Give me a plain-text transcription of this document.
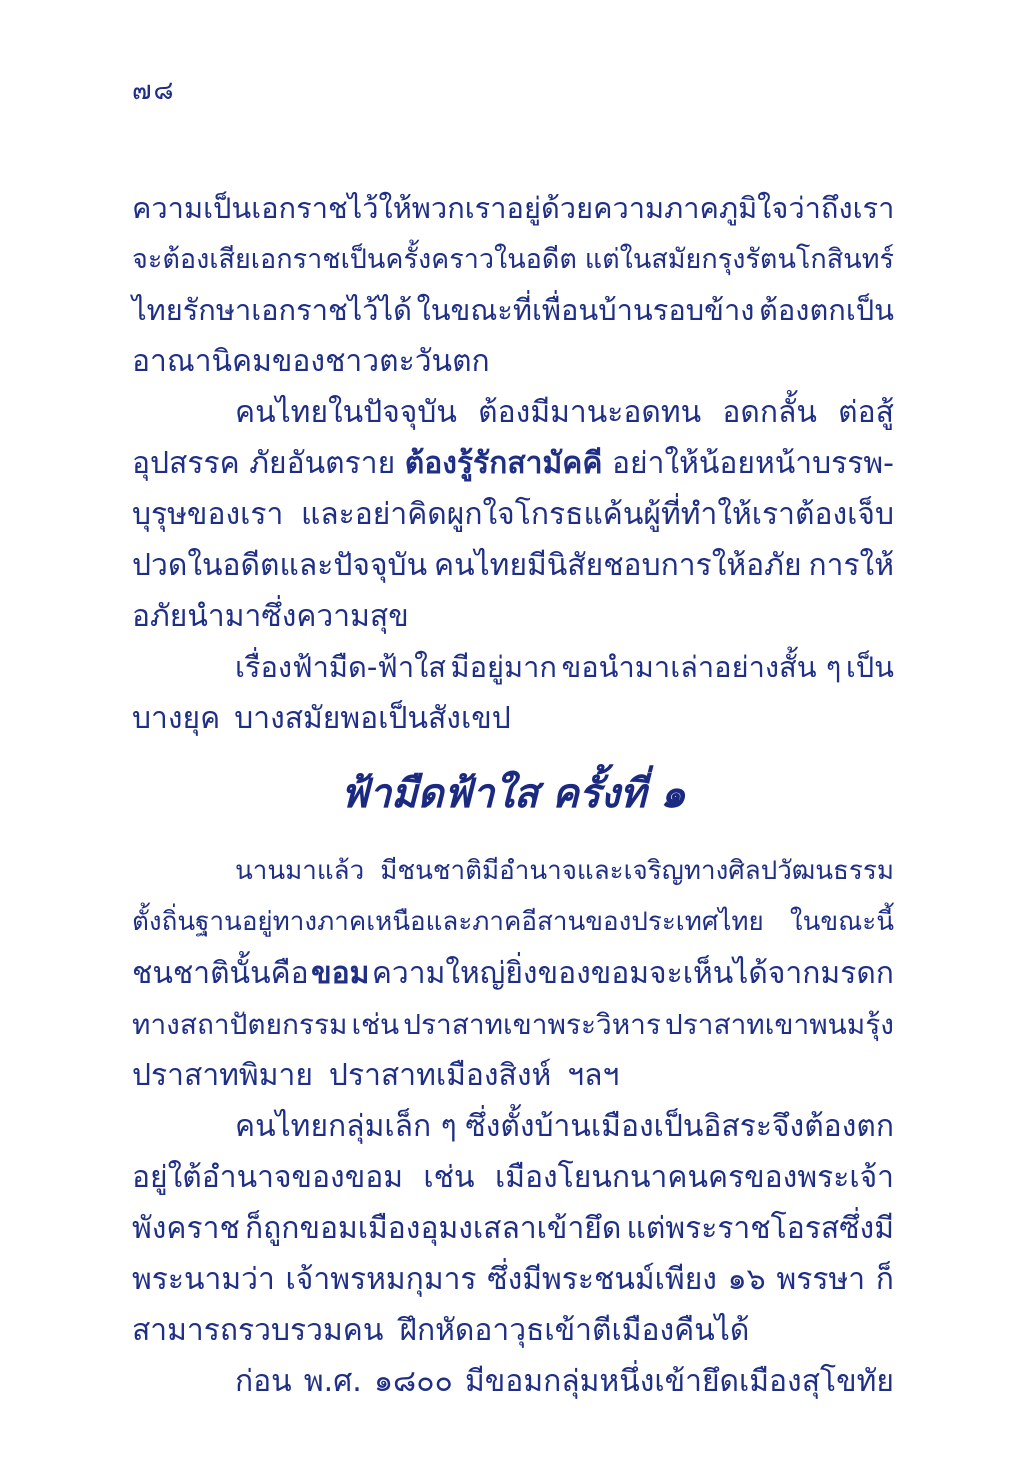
๗๘
ความเป็นเอกราชไว้ให้พวกเราอยู่ ด้วยความภาคภูมิใจว่า ถึงเรา
จะต้องเสียเอกราชเป็นครั้งคราวในอดีต แต่ในสมัยกรุงรัตนโกสินทร์
ไทยรักษาเอกราชไว้ได้ ในขณะที่เพื่อนบ้านรอบข้าง ต้องตกเป็น
อาณานิคมของชาวตะวันตก
คนไทยในปัจจุบัน ต้องมีมานะอดทน อดกลั้น ต่อสู้
อุปสรรค ภัยอันตราย ต้องรู้รักสามัคคี อย่าให้น้อยหน้าบรรพ-
บุรุษของเรา และอย่าคิดผูกใจโกรธแค้นผู้ที่ทำให้เราต้องเจ็บ
ปวดในอดีตและปัจจุบัน คนไทยมีนิสัยชอบการให้อภัย การให้
อภัยนำมาซึ่งความสุข
เรื่องฟ้ามืด-ฟ้าใส มีอยู่มาก ขอนำมาเล่าอย่างสั้น ๆ เป็น
บางยุค บางสมัยพอเป็นสังเขป
ฟ้ามืดฟ้าใส ครั้งที่ ๑
นานมาแล้ว มีชนชาติมีอำนาจและเจริญทางศิลปวัฒนธรรม
ตั้งถิ่นฐานอยู่ทางภาคเหนือและภาคอีสานของประเทศไทย ในขณะนี้
ชนชาตินั้นคือ ขอม ความใหญ่ยิ่งของขอมจะเห็นได้จากมรดก
ทางสถาปัตยกรรม เช่น ปราสาทเขาพระวิหาร ปราสาทเขาพนมรุ้ง
ปราสาทพิมาย ปราสาทเมืองสิงห์ ฯลฯ
คนไทยกลุ่มเล็ก ๆ ซึ่งตั้งบ้านเมืองเป็นอิสระจึงต้องตก
อยู่ใต้อำนาจของขอม เช่น เมืองโยนกนาคนครของพระเจ้า
พังคราช ก็ถูกขอมเมืองอุมงเสลาเข้ายึด แต่พระราชโอรสซึ่งมี
พระนามว่า เจ้าพรหมกุมาร ซึ่งมีพระชนม์เพียง ๑๖ พรรษา ก็
สามารถรวบรวมคน ฝึกหัดอาวุธเข้าตีเมืองคืนได้
ก่อน พ.ศ. ๑๘๐๐ มีขอมกลุ่มหนึ่งเข้ายึดเมืองสุโขทัย
